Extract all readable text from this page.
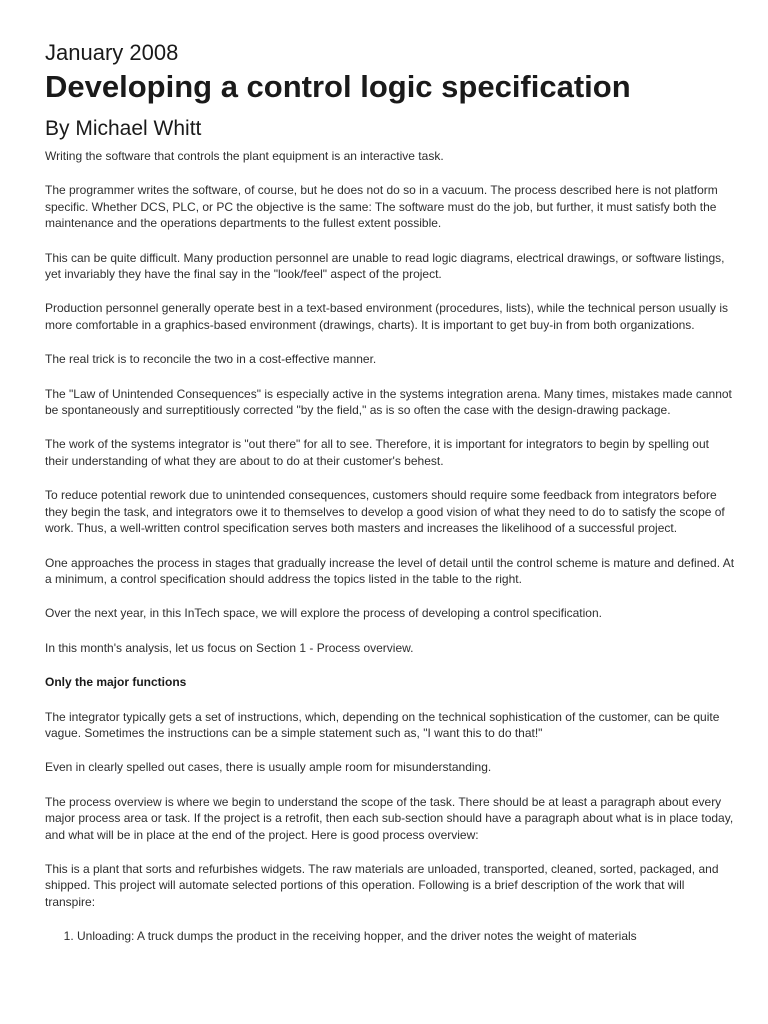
January 2008

Developing a control logic specification

By Michael Whitt

Writing the software that controls the plant equipment is an interactive task.

The programmer writes the software, of course, but he does not do so in a vacuum. The process described here is not platform specific. Whether DCS, PLC, or PC the objective is the same: The software must do the job, but further, it must satisfy both the maintenance and the operations departments to the fullest extent possible.

This can be quite difficult. Many production personnel are unable to read logic diagrams, electrical drawings, or software listings, yet invariably they have the final say in the "look/feel" aspect of the project.

Production personnel generally operate best in a text-based environment (procedures, lists), while the technical person usually is more comfortable in a graphics-based environment (drawings, charts). It is important to get buy-in from both organizations.

The real trick is to reconcile the two in a cost-effective manner.

The "Law of Unintended Consequences" is especially active in the systems integration arena. Many times, mistakes made cannot be spontaneously and surreptitiously corrected "by the field," as is so often the case with the design-drawing package.

The work of the systems integrator is "out there" for all to see. Therefore, it is important for integrators to begin by spelling out their understanding of what they are about to do at their customer's behest.

To reduce potential rework due to unintended consequences, customers should require some feedback from integrators before they begin the task, and integrators owe it to themselves to develop a good vision of what they need to do to satisfy the scope of work. Thus, a well-written control specification serves both masters and increases the likelihood of a successful project.

One approaches the process in stages that gradually increase the level of detail until the control scheme is mature and defined. At a minimum, a control specification should address the topics listed in the table to the right.

Over the next year, in this InTech space, we will explore the process of developing a control specification.

In this month's analysis, let us focus on Section 1 - Process overview.

Only the major functions

The integrator typically gets a set of instructions, which, depending on the technical sophistication of the customer, can be quite vague. Sometimes the instructions can be a simple statement such as, "I want this to do that!"

Even in clearly spelled out cases, there is usually ample room for misunderstanding.

The process overview is where we begin to understand the scope of the task. There should be at least a paragraph about every major process area or task. If the project is a retrofit, then each sub-section should have a paragraph about what is in place today, and what will be in place at the end of the project. Here is good process overview:

This is a plant that sorts and refurbishes widgets. The raw materials are unloaded, transported, cleaned, sorted, packaged, and shipped. This project will automate selected portions of this operation. Following is a brief description of the work that will transpire:

1. Unloading: A truck dumps the product in the receiving hopper, and the driver notes the weight of materials
